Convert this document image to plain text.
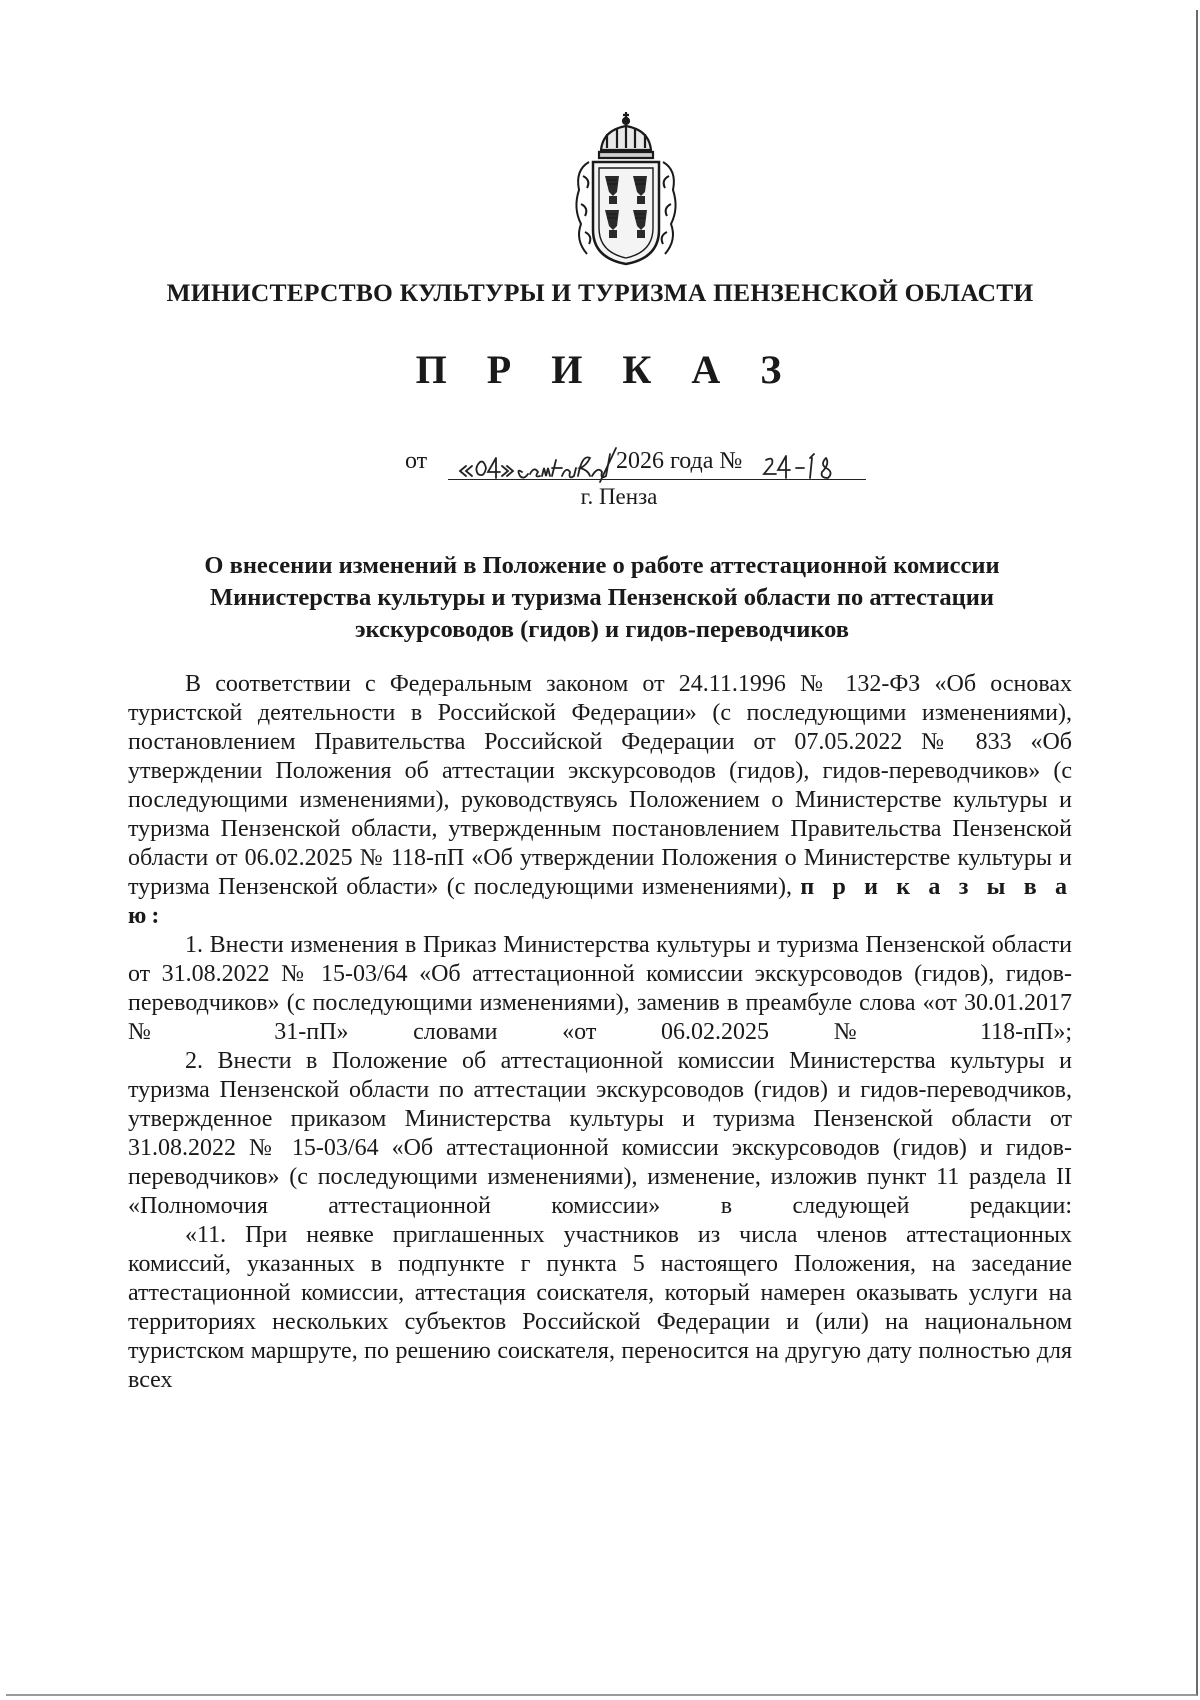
МИНИСТЕРСТВО КУЛЬТУРЫ И ТУРИЗМА ПЕНЗЕНСКОЙ ОБЛАСТИ
П Р И К А З
от	2026 года №
г. Пенза
О внесении изменений в Положение о работе аттестационной комиссии
Министерства культуры и туризма Пензенской области по аттестации
экскурсоводов (гидов) и гидов-переводчиков

В соответствии с Федеральным законом от 24.11.1996 № 132-ФЗ «Об основах туристской деятельности в Российской Федерации» (с последующими изменениями), постановлением Правительства Российской Федерации от 07.05.2022 № 833 «Об утверждении Положения об аттестации экскурсоводов (гидов), гидов-переводчиков» (с последующими изменениями), руководствуясь Положением о Министерстве культуры и туризма Пензенской области, утвержденным постановлением Правительства Пензенской области от 06.02.2025 № 118-пП «Об утверждении Положения о Министерстве культуры и туризма Пензенской области» (с последующими изменениями), п р и к а з ы в а ю:

1. Внести изменения в Приказ Министерства культуры и туризма Пензенской области от 31.08.2022 № 15-03/64 «Об аттестационной комиссии экскурсоводов (гидов), гидов-переводчиков» (с последующими изменениями), заменив в преамбуле слова «от 30.01.2017 № 31-пП» словами «от 06.02.2025 № 118-пП»;

2. Внести в Положение об аттестационной комиссии Министерства культуры и туризма Пензенской области по аттестации экскурсоводов (гидов) и гидов-переводчиков, утвержденное приказом Министерства культуры и туризма Пензенской области от 31.08.2022 № 15-03/64 «Об аттестационной комиссии экскурсоводов (гидов) и гидов-переводчиков» (с последующими изменениями), изменение, изложив пункт 11 раздела II «Полномочия аттестационной комиссии» в следующей редакции:

«11. При неявке приглашенных участников из числа членов аттестационных комиссий, указанных в подпункте г пункта 5 настоящего Положения, на заседание аттестационной комиссии, аттестация соискателя, который намерен оказывать услуги на территориях нескольких субъектов Российской Федерации и (или) на национальном туристском маршруте, по решению соискателя, переносится на другую дату полностью для всех
